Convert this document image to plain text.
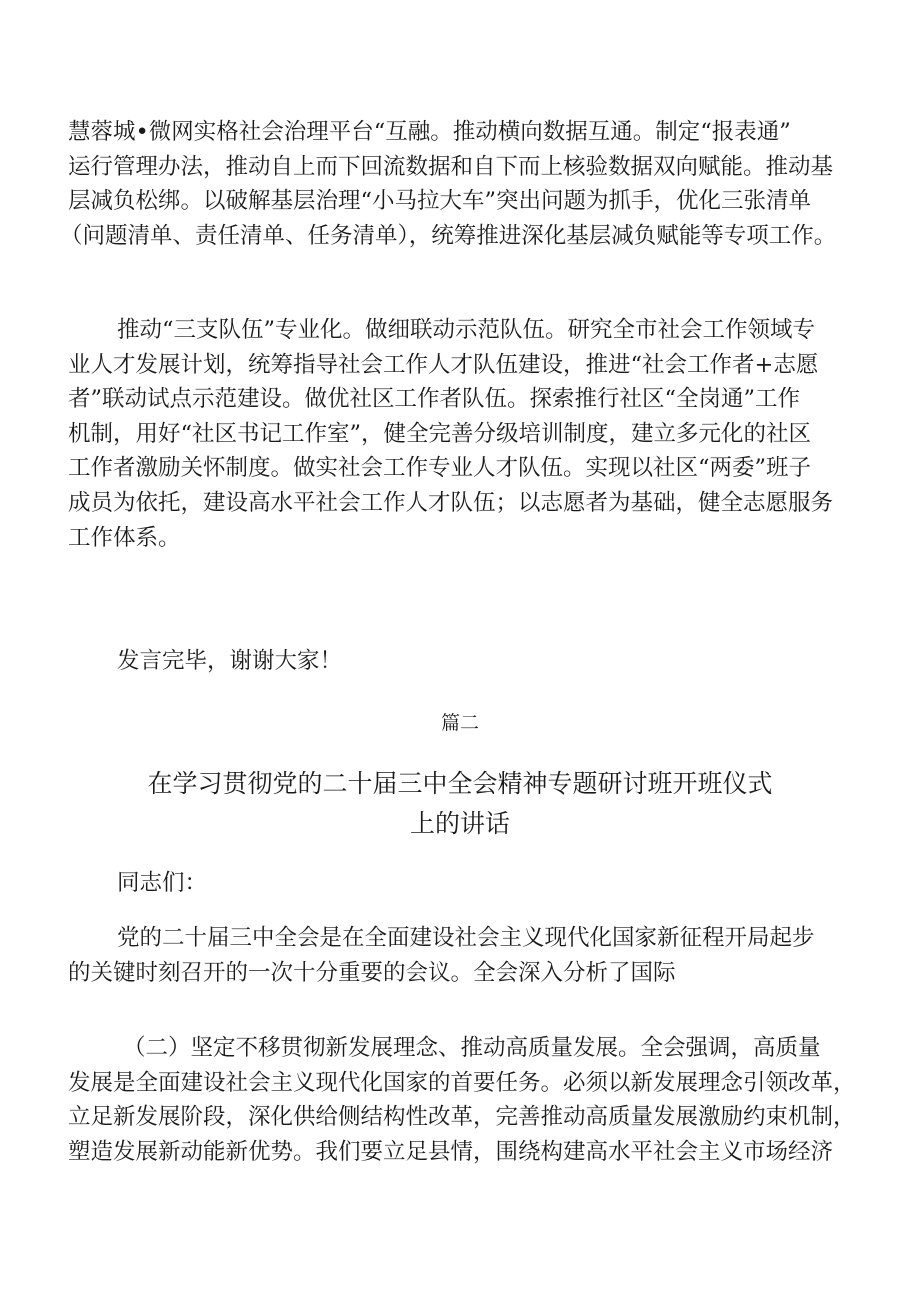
慧蓉城•微网实格社会治理平台“互融。推动横向数据互通。制定“报表通”
运行管理办法，推动自上而下回流数据和自下而上核验数据双向赋能。推动基
层减负松绑。以破解基层治理“小马拉大车”突出问题为抓手，优化三张清单
（问题清单、责任清单、任务清单），统筹推进深化基层减负赋能等专项工作。

推动“三支队伍”专业化。做细联动示范队伍。研究全市社会工作领域专
业人才发展计划，统筹指导社会工作人才队伍建设，推进“社会工作者+志愿
者”联动试点示范建设。做优社区工作者队伍。探索推行社区“全岗通”工作
机制，用好“社区书记工作室”，健全完善分级培训制度，建立多元化的社区
工作者激励关怀制度。做实社会工作专业人才队伍。实现以社区“两委”班子
成员为依托，建设高水平社会工作人才队伍；以志愿者为基础，健全志愿服务
工作体系。

发言完毕，谢谢大家！

篇二

在学习贯彻党的二十届三中全会精神专题研讨班开班仪式
上的讲话

同志们：

党的二十届三中全会是在全面建设社会主义现代化国家新征程开局起步
的关键时刻召开的一次十分重要的会议。全会深入分析了国际

（二）坚定不移贯彻新发展理念、推动高质量发展。全会强调，高质量
发展是全面建设社会主义现代化国家的首要任务。必须以新发展理念引领改革，
立足新发展阶段，深化供给侧结构性改革，完善推动高质量发展激励约束机制，
塑造发展新动能新优势。我们要立足县情，围绕构建高水平社会主义市场经济
